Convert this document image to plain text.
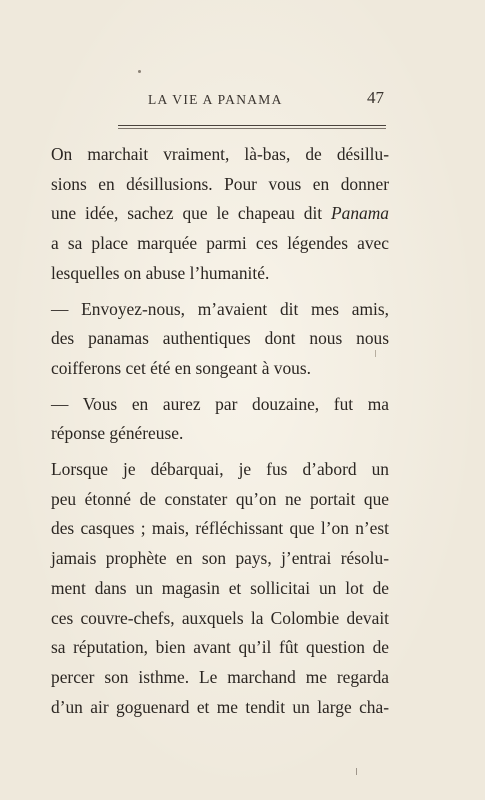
LA VIE A PANAMA	47

On marchait vraiment, là-bas, de désillu-
sions en désillusions. Pour vous en donner
une idée, sachez que le chapeau dit Panama
a sa place marquée parmi ces légendes avec
lesquelles on abuse l’humanité.

— Envoyez-nous, m’avaient dit mes amis,
des panamas authentiques dont nous nous
coifferons cet été en songeant à vous.

— Vous en aurez par douzaine, fut ma
réponse généreuse.

Lorsque je débarquai, je fus d’abord un
peu étonné de constater qu’on ne portait que
des casques ; mais, réfléchissant que l’on n’est
jamais prophète en son pays, j’entrai résolu-
ment dans un magasin et sollicitai un lot de
ces couvre-chefs, auxquels la Colombie devait
sa réputation, bien avant qu’il fût question de
percer son isthme. Le marchand me regarda
d’un air goguenard et me tendit un large cha-
